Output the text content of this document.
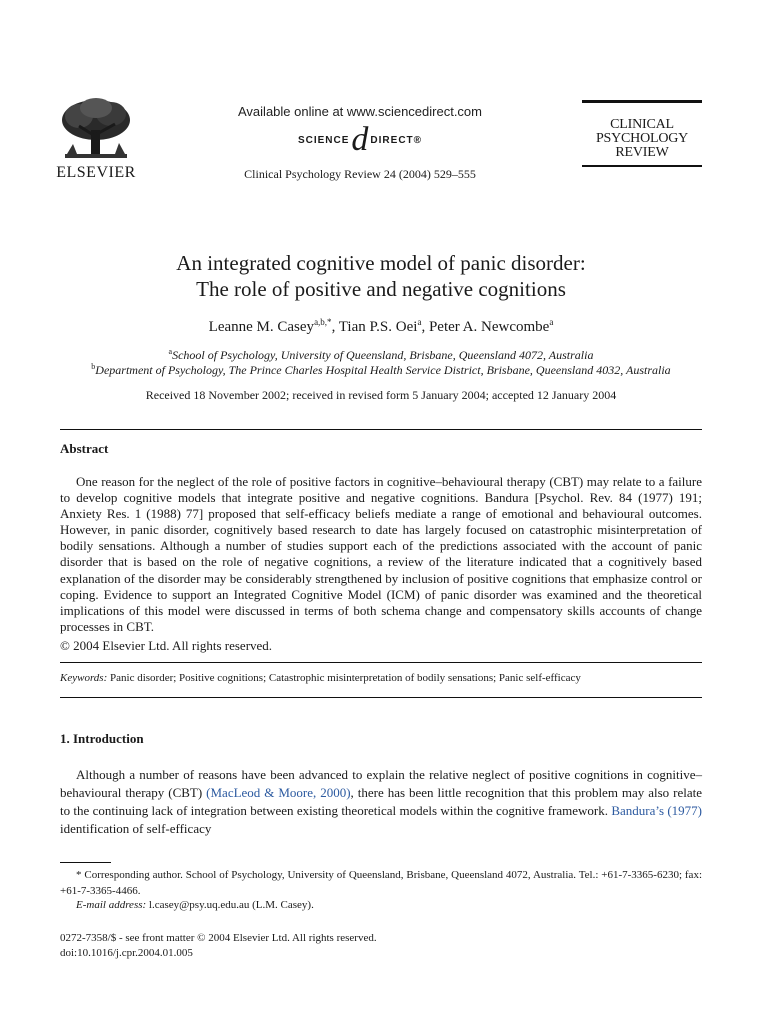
ELSEVIER
Available online at www.sciencedirect.com
SCIENCE d DIRECT®
Clinical Psychology Review 24 (2004) 529–555
CLINICAL
PSYCHOLOGY
REVIEW
An integrated cognitive model of panic disorder:
The role of positive and negative cognitions
Leanne M. Casey$^{a,b,*}$, Tian P.S. Oei$^a$, Peter A. Newcombe$^a$
$^a$School of Psychology, University of Queensland, Brisbane, Queensland 4072, Australia
$^b$Department of Psychology, The Prince Charles Hospital Health Service District, Brisbane, Queensland 4032, Australia
Received 18 November 2002; received in revised form 5 January 2004; accepted 12 January 2004
Abstract
One reason for the neglect of the role of positive factors in cognitive–behavioural therapy (CBT) may relate to a failure to develop cognitive models that integrate positive and negative cognitions. Bandura [Psychol. Rev. 84 (1977) 191; Anxiety Res. 1 (1988) 77] proposed that self-efficacy beliefs mediate a range of emotional and behavioural outcomes. However, in panic disorder, cognitively based research to date has largely focused on catastrophic misinterpretation of bodily sensations. Although a number of studies support each of the predictions associated with the account of panic disorder that is based on the role of negative cognitions, a review of the literature indicated that a cognitively based explanation of the disorder may be considerably strengthened by inclusion of positive cognitions that emphasize control or coping. Evidence to support an Integrated Cognitive Model (ICM) of panic disorder was examined and the theoretical implications of this model were discussed in terms of both schema change and compensatory skills accounts of change processes in CBT.
© 2004 Elsevier Ltd. All rights reserved.
Keywords: Panic disorder; Positive cognitions; Catastrophic misinterpretation of bodily sensations; Panic self-efficacy
1. Introduction
Although a number of reasons have been advanced to explain the relative neglect of positive cognitions in cognitive–behavioural therapy (CBT) (MacLeod & Moore, 2000), there has been little recognition that this problem may also relate to the continuing lack of integration between existing theoretical models within the cognitive framework. Bandura’s (1977) identification of self-efficacy
* Corresponding author. School of Psychology, University of Queensland, Brisbane, Queensland 4072, Australia. Tel.: +61-7-3365-6230; fax: +61-7-3365-4466.
E-mail address: l.casey@psy.uq.edu.au (L.M. Casey).
0272-7358/$ - see front matter © 2004 Elsevier Ltd. All rights reserved.
doi:10.1016/j.cpr.2004.01.005
